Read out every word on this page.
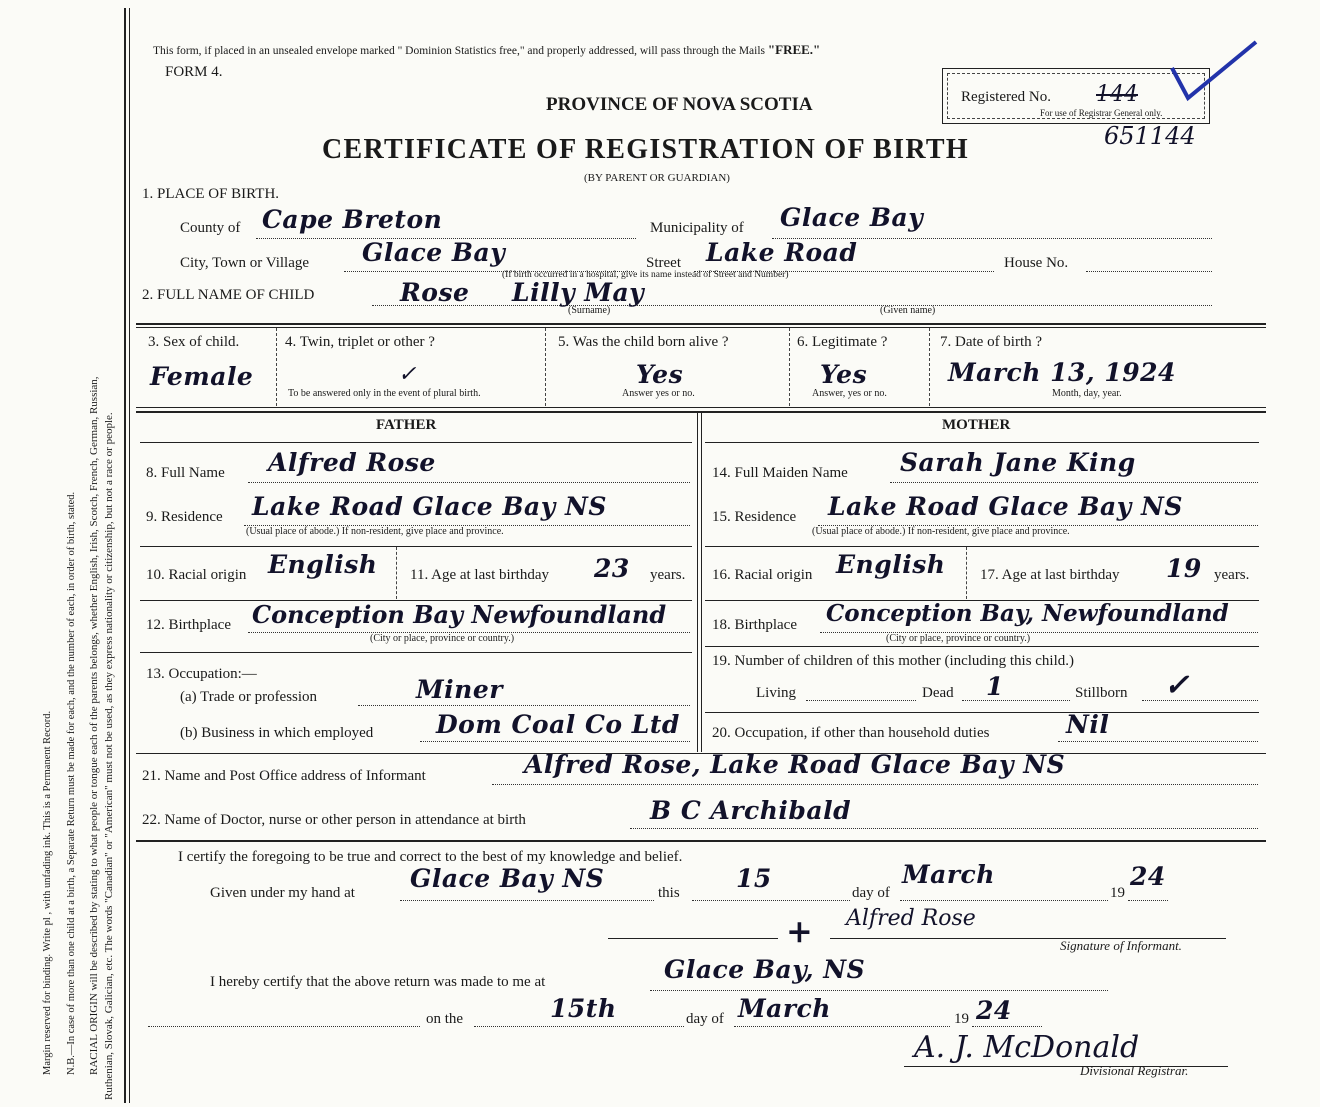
Margin reserved for binding. Write pl , with unfading ink. This is a Permanent Record. N.B.—In case of more than one child at a birth, a Separate Return must be made for each, and the number of each, in order of birth, stated. RACIAL ORIGIN will be described by stating to what people or tongue each of the parents belongs, whether English, Irish, Scotch, French, German, Russian, Ruthenian, Slovak, Galician, etc. The words "Canadian" or "American" must not be used, as they express nationality or citizenship, but not a race or people.
This form, if placed in an unsealed envelope marked " Dominion Statistics free," and properly addressed, will pass through the Mails "FREE."
FORM 4.
PROVINCE OF NOVA SCOTIA
CERTIFICATE OF REGISTRATION OF BIRTH
(BY PARENT OR GUARDIAN)
Registered No. 144
For use of Registrar General only.
651144
1. PLACE OF BIRTH.
County of Cape Breton	Municipality of Glace Bay
City, Town or Village Glace Bay	Street Lake Road	House No.
(If birth occurred in a hospital, give its name instead of Street and Number)
2. FULL NAME OF CHILD	Rose Lilly May
(Surname)	(Given name)
3. Sex of child.
Female
4. Twin, triplet or other ?
✓
To be answered only in the event of plural birth.
5. Was the child born alive ?
Yes
Answer yes or no.
6. Legitimate ?
Yes
Answer, yes or no.
7. Date of birth ?
March 13, 1924
Month, day, year.
FATHER	MOTHER
8. Full Name Alfred Rose
9. Residence Lake Road Glace Bay NS
(Usual place of abode.) If non-resident, give place and province.
10. Racial origin English 11. Age at last birthday 23 years.
12. Birthplace Conception Bay Newfoundland
(City or place, province or country.)
13. Occupation:—
(a) Trade or profession	Miner
(b) Business in which employed	Dom Coal Co Ltd
14. Full Maiden Name Sarah Jane King
15. Residence Lake Road Glace Bay NS
(Usual place of abode.) If non-resident, give place and province.
16. Racial origin English 17. Age at last birthday 19 years.
18. Birthplace Conception Bay, Newfoundland
(City or place, province or country.)
19. Number of children of this mother (including this child.)
Living	Dead 1	Stillborn ✓
20. Occupation, if other than household duties	Nil
21. Name and Post Office address of Informant	Alfred Rose, Lake Road Glace Bay NS
22. Name of Doctor, nurse or other person in attendance at birth	B C Archibald
I certify the foregoing to be true and correct to the best of my knowledge and belief.
Given under my hand at Glace Bay NS	this 15	day of
March
19
24
+ Alfred Rose
Signature of Informant.
I hereby certify that the above return was made to me at	Glace Bay, NS
on the	15th	day of March	19 24
A. J. McDonald
Divisional Registrar.
